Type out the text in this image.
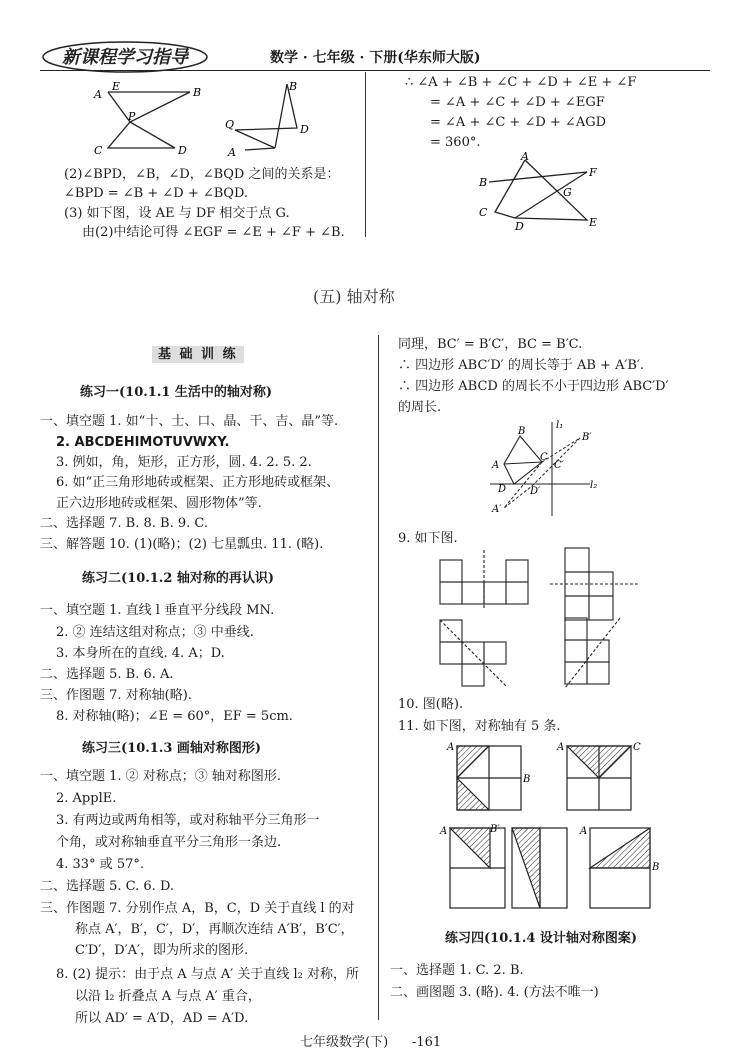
新课程学习指导	数学 · 七年级 · 下册(华东师大版)
A
E	B
P
C	D
B
Q
A
D
(2)∠BPD，∠B，∠D，∠BQD 之间的关系是：
∠BPD = ∠B + ∠D + ∠BQD.
(3) 如下图，设 AE 与 DF 相交于点 G.
由(2)中结论可得 ∠EGF = ∠E + ∠F + ∠B.
∴ ∠A + ∠B + ∠C + ∠D + ∠E + ∠F
= ∠A + ∠C + ∠D + ∠EGF
= ∠A + ∠C + ∠D + ∠AGD
= 360°.
A
B
F
G
C
D	E
(五) 轴对称
基 础 训 练
练习一(10.1.1 生活中的轴对称)
一、填空题 1. 如“十、士、口、晶、干、吉、晶”等.
2. ABCDEHIMOTUVWXY.
3. 例如，角，矩形，正方形，圆. 4. 2. 5. 2.
6. 如“正三角形地砖或框架、正方形地砖或框架、
正六边形地砖或框架、圆形物体”等.
二、选择题 7. B. 8. B. 9. C.
三、解答题 10. (1)(略)；(2) 七星瓢虫. 11. (略).
练习二(10.1.2 轴对称的再认识)
一、填空题 1. 直线 l 垂直平分线段 MN.
2. ② 连结这组对称点；③ 中垂线.
3. 本身所在的直线. 4. A；D.
二、选择题 5. B. 6. A.
三、作图题 7. 对称轴(略).
8. 对称轴(略)；∠E = 60°，EF = 5cm.
练习三(10.1.3 画轴对称图形)
一、填空题 1. ② 对称点；③ 轴对称图形.
2. ApplE.
3. 有两边或两角相等，或对称轴平分三角形一
个角，或对称轴垂直平分三角形一条边.
4. 33° 或 57°.
二、选择题 5. C. 6. D.
三、作图题 7. 分别作点 A，B，C，D 关于直线 l 的对
称点 A′，B′，C′，D′，再顺次连结 A′B′，B′C′，
C′D′，D′A′，即为所求的图形.
8. (2) 提示：由于点 A 与点 A′ 关于直线 l₂ 对称，所
以沿 l₂ 折叠点 A 与点 A′ 重合，
所以 AD′ = A′D，AD = A′D.
同理，BC′ = B′C′，BC = B′C.
∴ 四边形 ABC′D′ 的周长等于 AB + A′B′.
∴ 四边形 ABCD 的周长不小于四边形 ABC′D′
的周长.
l₁
B
B′
C
A	C′
l₂
D D′
A′
9. 如下图.
10. 图(略).
11. 如下图，对称轴有 5 条.
A
B
A	C
A	B′	A
B
练习四(10.1.4 设计轴对称图案)
一、选择题 1. C. 2. B.
二、画图题 3. (略). 4. (方法不唯一)
七年级数学(下) -161
